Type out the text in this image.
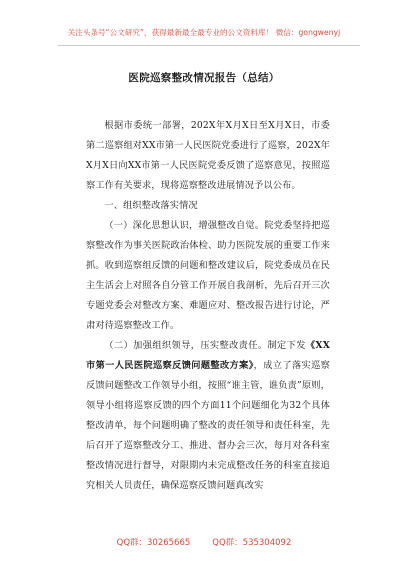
关注头条号“公文研究”，获得最新最全最专业的公文资料库！ 微信：gongwenyj
医院巡察整改情况报告（总结）

根据市委统一部署，202X年X月X日至X月X日，市委第二巡察组对XX市第一人民医院党委进行了巡察，202X年X月X日向XX市第一人民医院党委反馈了巡察意见，按照巡察工作有关要求，现将巡察整改进展情况予以公布。

一、组织整改落实情况

（一）深化思想认识，增强整改自觉。院党委坚持把巡察整改作为事关医院政治体检、助力医院发展的重要工作来抓。收到巡察组反馈的问题和整改建议后，院党委成员在民主生活会上对照各自分管工作开展自我剖析，先后召开三次专题党委会对整改方案、难题应对、整改报告进行讨论，严肃对待巡察整改工作。

（二）加强组织领导，压实整改责任。制定下发《XX市第一人民医院巡察反馈问题整改方案》，成立了落实巡察反馈问题整改工作领导小组，按照“谁主管，谁负责”原则，领导小组将巡察反馈的四个方面11个问题细化为32个具体整改清单，每个问题明确了整改的责任领导和责任科室，先后召开了巡察整改分工、推进、督办会三次，每月对各科室整改情况进行督导，对限期内未完成整改任务的科室直接追究相关人员责任，确保巡察反馈问题真改实

QQ群：30265665	QQ群：535304092
